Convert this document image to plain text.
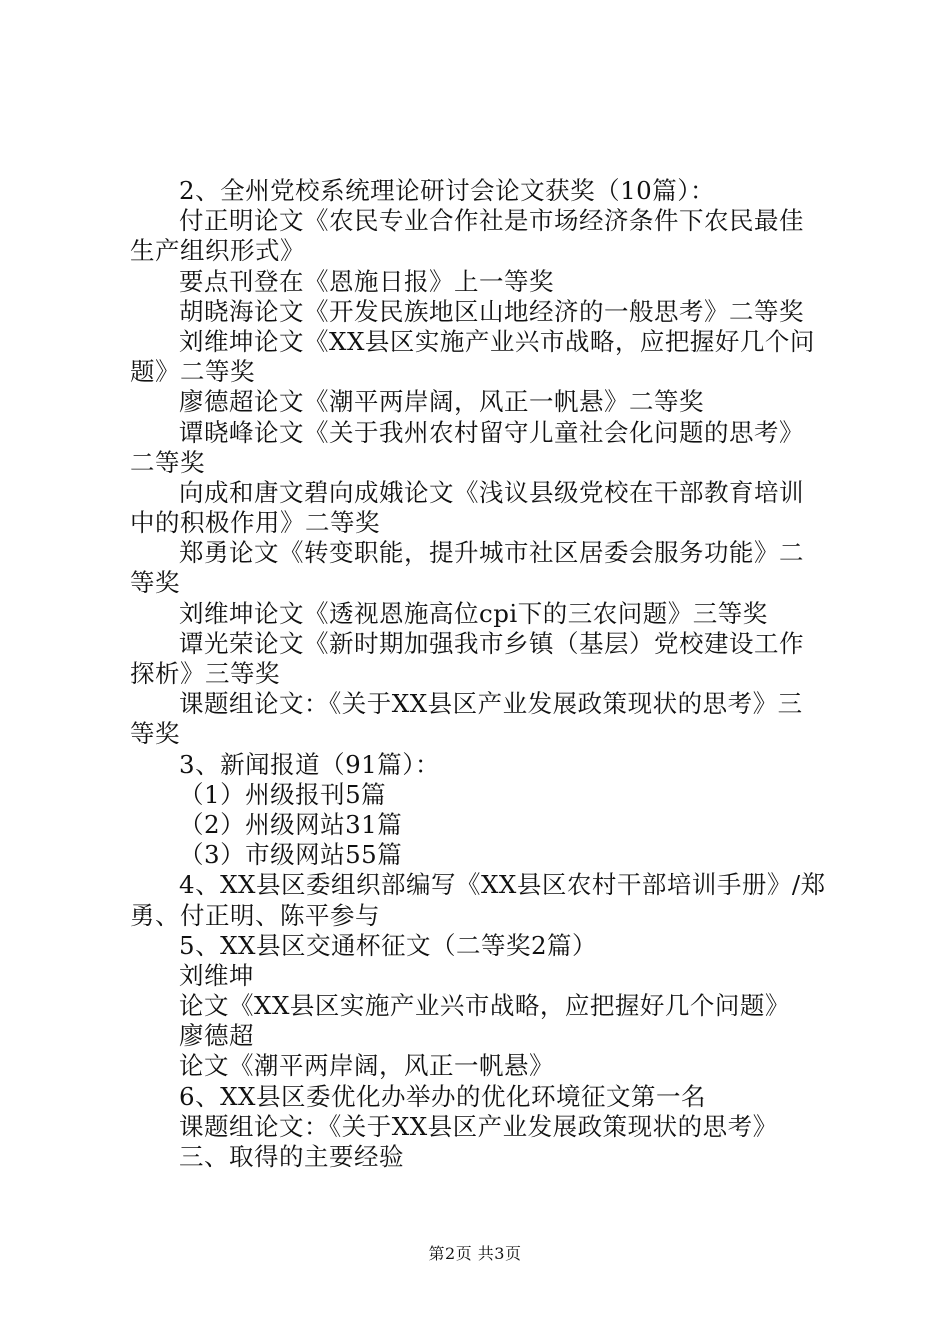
2、全州党校系统理论研讨会论文获奖（10篇）：
付正明论文《农民专业合作社是市场经济条件下农民最佳
生产组织形式》
要点刊登在《恩施日报》上一等奖
胡晓海论文《开发民族地区山地经济的一般思考》二等奖
刘维坤论文《XX县区实施产业兴市战略，应把握好几个问
题》二等奖
廖德超论文《潮平两岸阔，风正一帆悬》二等奖
谭晓峰论文《关于我州农村留守儿童社会化问题的思考》
二等奖
向成和唐文碧向成娥论文《浅议县级党校在干部教育培训
中的积极作用》二等奖
郑勇论文《转变职能，提升城市社区居委会服务功能》二
等奖
刘维坤论文《透视恩施高位cpi下的三农问题》三等奖
谭光荣论文《新时期加强我市乡镇（基层）党校建设工作
探析》三等奖
课题组论文：《关于XX县区产业发展政策现状的思考》三
等奖
3、新闻报道（91篇）：
（1）州级报刊5篇
（2）州级网站31篇
（3）市级网站55篇
4、XX县区委组织部编写《XX县区农村干部培训手册》/郑
勇、付正明、陈平参与
5、XX县区交通杯征文（二等奖2篇）
刘维坤
论文《XX县区实施产业兴市战略，应把握好几个问题》
廖德超
论文《潮平两岸阔，风正一帆悬》
6、XX县区委优化办举办的优化环境征文第一名
课题组论文：《关于XX县区产业发展政策现状的思考》
三、取得的主要经验
第2页 共3页
